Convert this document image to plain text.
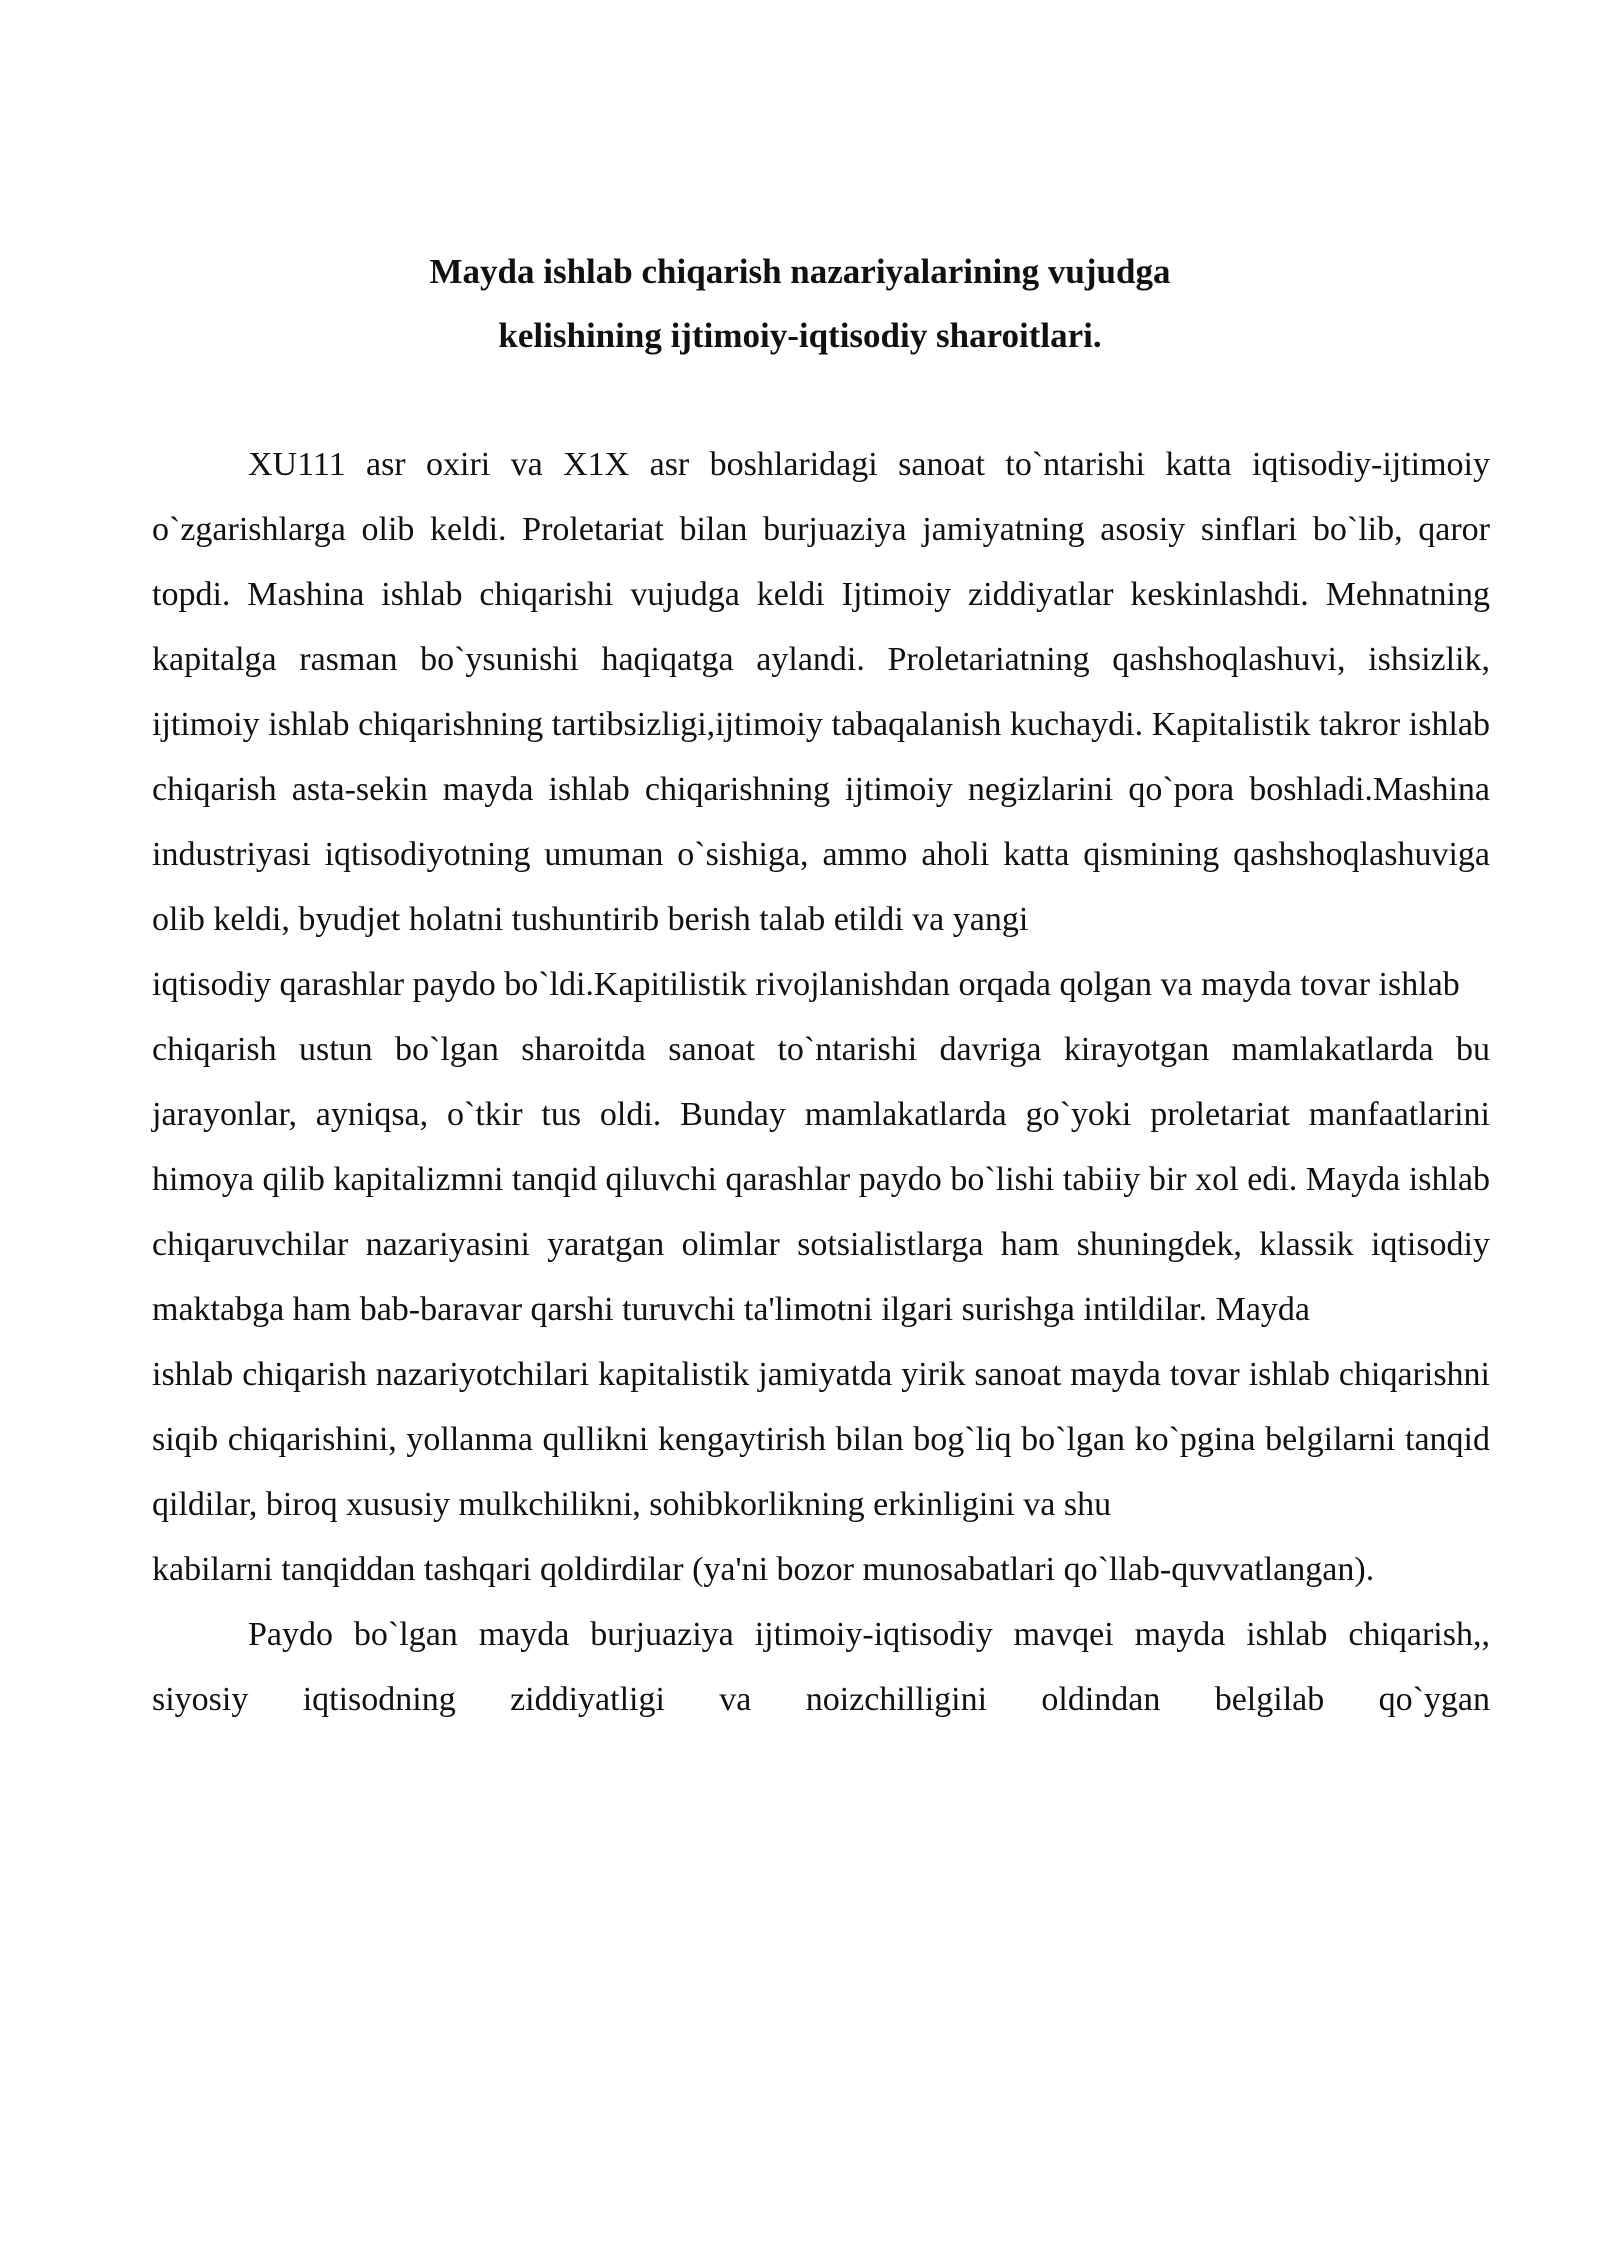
Mayda ishlab chiqarish nazariyalarining vujudga
kelishining ijtimoiy-iqtisodiy sharoitlari.

XU111 asr oxiri va X1X asr boshlaridagi sanoat to`ntarishi katta iqtisodiy-ijtimoiy o`zgarishlarga olib keldi. Proletariat bilan burjuaziya jamiyatning asosiy sinflari bo`lib, qaror topdi. Mashina ishlab chiqarishi vujudga keldi Ijtimoiy ziddiyatlar keskinlashdi. Mehnatning kapitalga rasman bo`ysunishi haqiqatga aylandi. Proletariatning qashshoqlashuvi, ishsizlik, ijtimoiy ishlab chiqarishning tartibsizligi,ijtimoiy tabaqalanish kuchaydi. Kapitalistik takror ishlab chiqarish asta-sekin mayda ishlab chiqarishning ijtimoiy negizlarini qo`pora boshladi.Mashina industriyasi iqtisodiyotning umuman o`sishiga, ammo aholi katta qismining qashshoqlashuviga olib keldi, byudjet holatni tushuntirib berish talab etildi va yangi

iqtisodiy qarashlar paydo bo`ldi.Kapitilistik rivojlanishdan orqada qolgan va mayda tovar ishlab

chiqarish ustun bo`lgan sharoitda sanoat to`ntarishi davriga kirayotgan mamlakatlarda bu jarayonlar, ayniqsa, o`tkir tus oldi. Bunday mamlakatlarda go`yoki proletariat manfaatlarini himoya qilib kapitalizmni tanqid qiluvchi qarashlar paydo bo`lishi tabiiy bir xol edi. Mayda ishlab chiqaruvchilar nazariyasini yaratgan olimlar sotsialistlarga ham shuningdek, klassik iqtisodiy maktabga ham bab-baravar qarshi turuvchi ta'limotni ilgari surishga intildilar. Mayda

ishlab chiqarish nazariyotchilari kapitalistik jamiyatda yirik sanoat mayda tovar ishlab chiqarishni siqib chiqarishini, yollanma qullikni kengaytirish bilan bog`liq bo`lgan ko`pgina belgilarni tanqid qildilar, biroq xususiy mulkchilikni, sohibkorlikning erkinligini va shu

kabilarni tanqiddan tashqari qoldirdilar (ya'ni bozor munosabatlari qo`llab-quvvatlangan).

Paydo bo`lgan mayda burjuaziya ijtimoiy-iqtisodiy mavqei mayda ishlab chiqarish,, siyosiy iqtisodning ziddiyatligi va noizchilligini oldindan belgilab qo`ygan
